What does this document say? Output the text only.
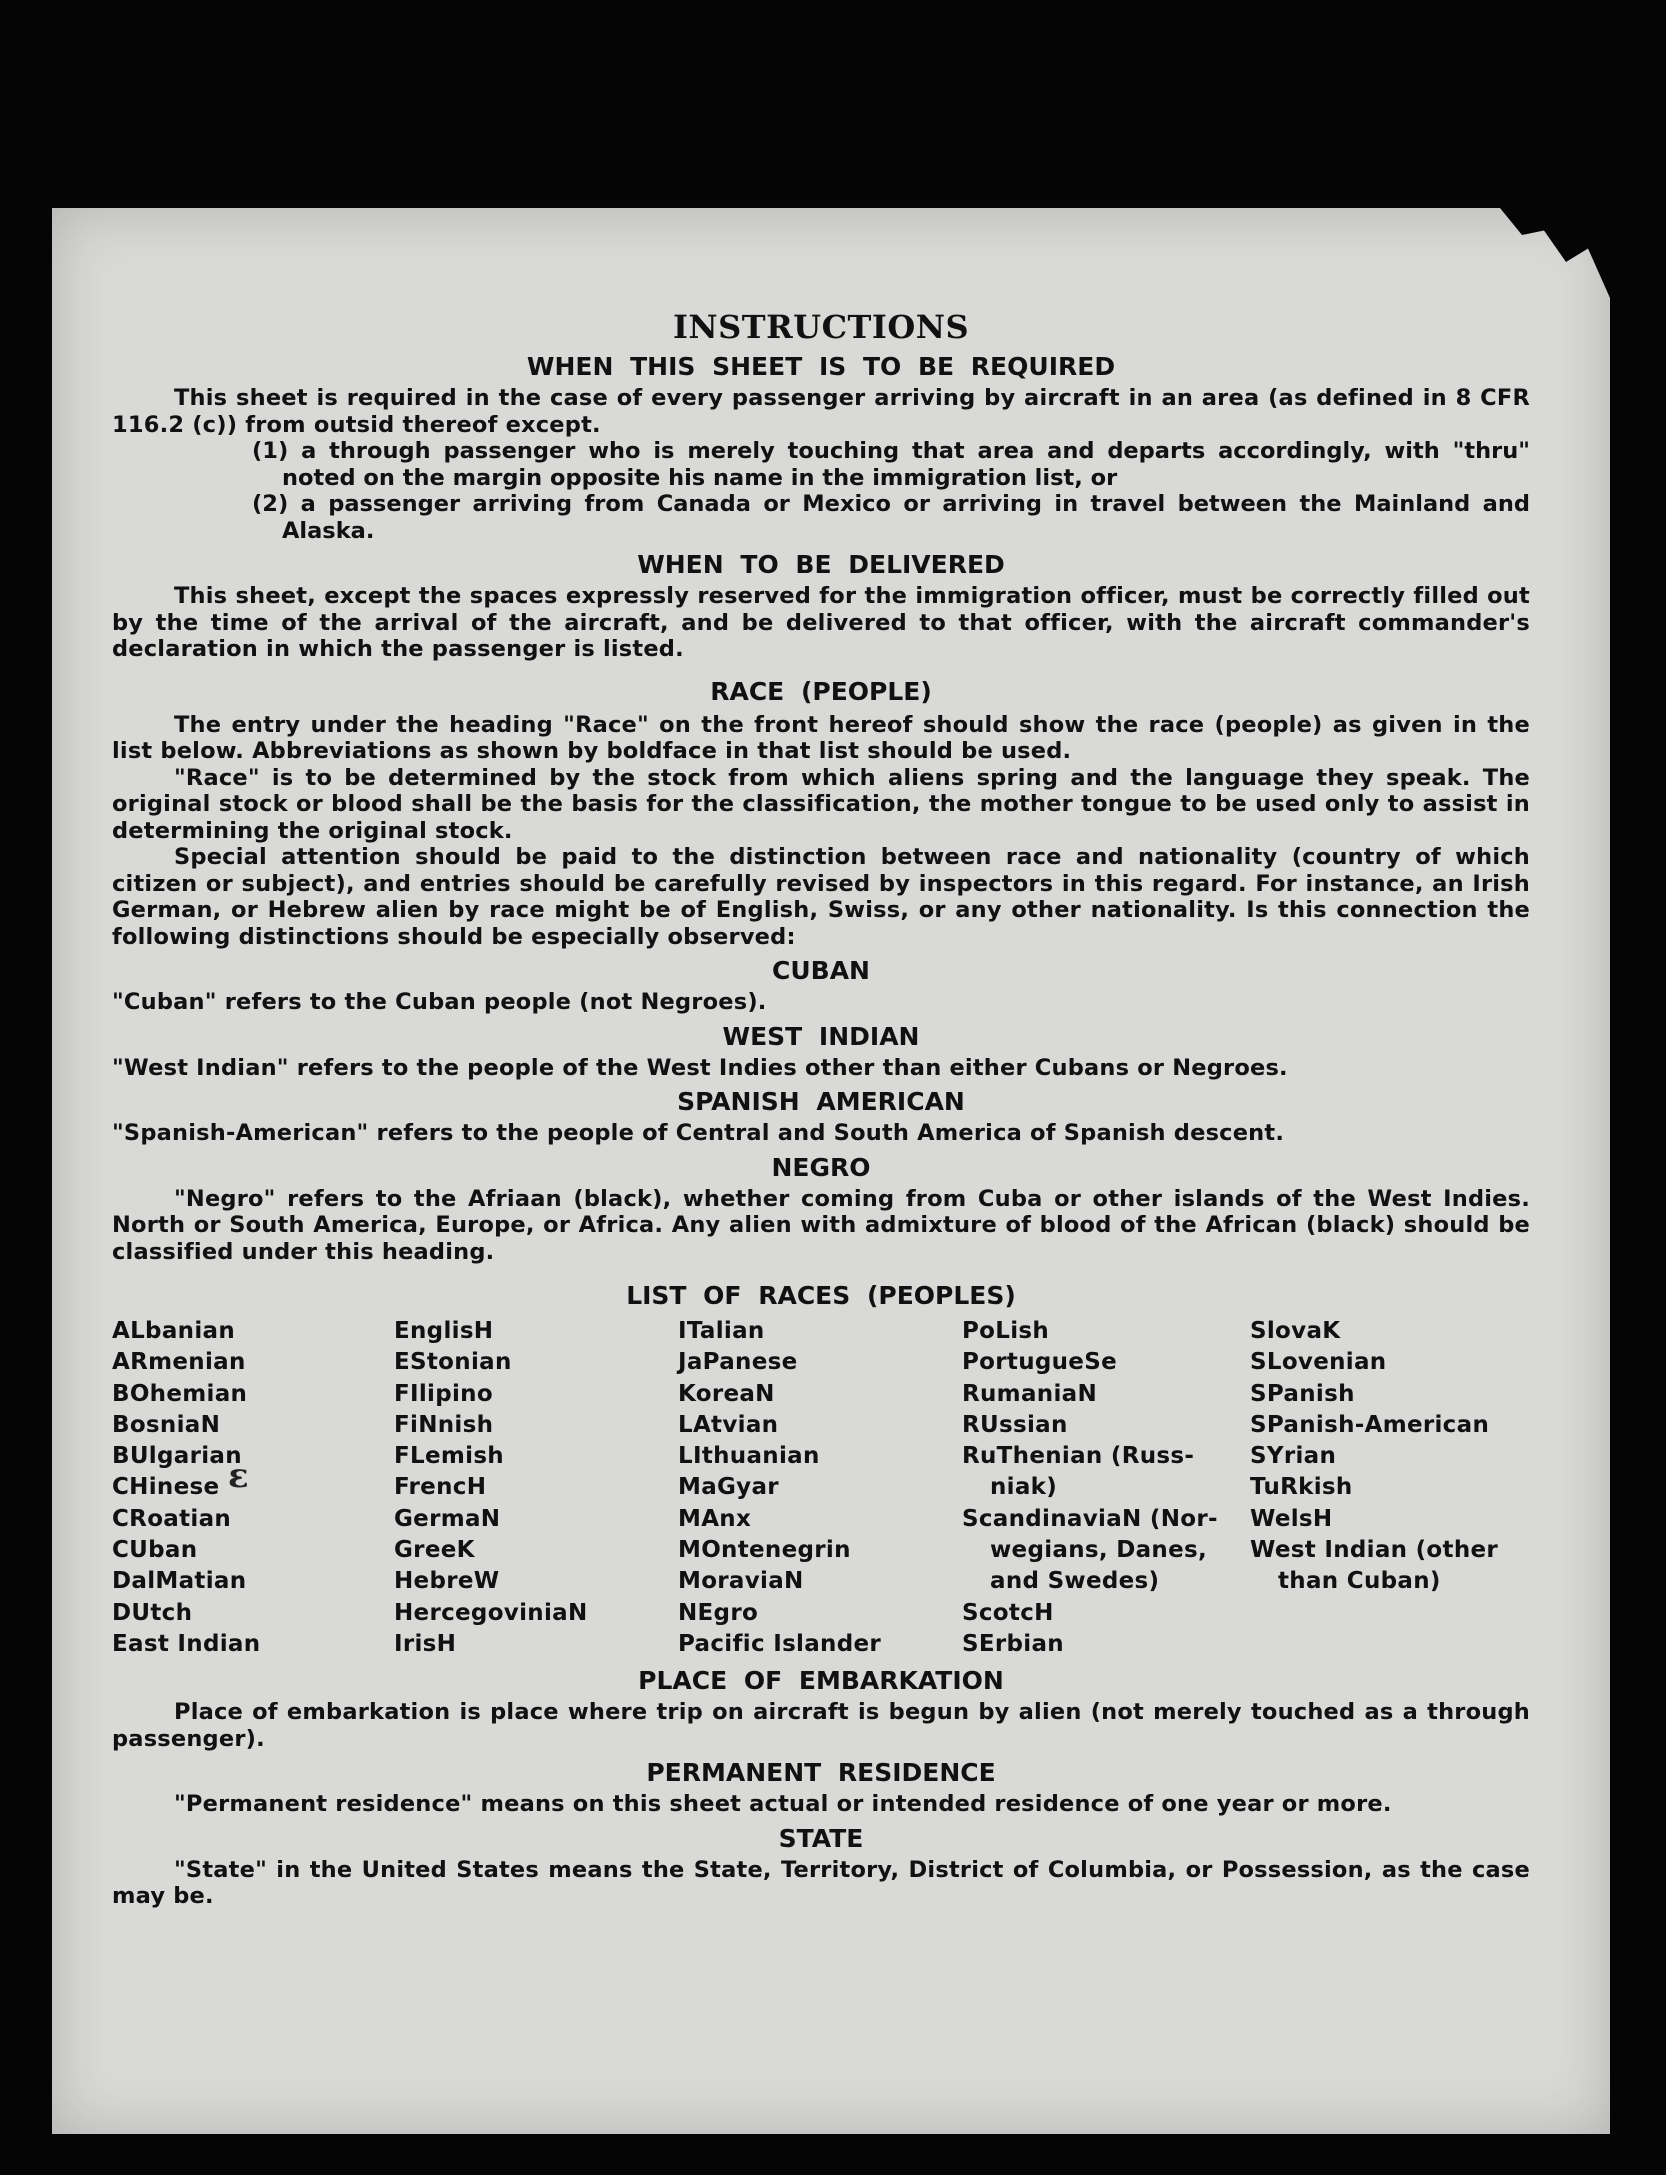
INSTRUCTIONS
WHEN THIS SHEET IS TO BE REQUIRED

This sheet is required in the case of every passenger arriving by aircraft in an area (as defined in 8 CFR 116.2 (c)) from outsid thereof except.

(1) a through passenger who is merely touching that area and departs accordingly, with "thru" noted on the margin opposite his name in the immigration list, or
(2) a passenger arriving from Canada or Mexico or arriving in travel between the Mainland and Alaska.
WHEN TO BE DELIVERED

This sheet, except the spaces expressly reserved for the immigration officer, must be correctly filled out by the time of the arrival of the aircraft, and be delivered to that officer, with the aircraft commander's declaration in which the passenger is listed.

RACE (PEOPLE)

The entry under the heading "Race" on the front hereof should show the race (people) as given in the list below. Abbreviations as shown by boldface in that list should be used.

"Race" is to be determined by the stock from which aliens spring and the language they speak. The original stock or blood shall be the basis for the classification, the mother tongue to be used only to assist in determining the original stock.

Special attention should be paid to the distinction between race and nationality (country of which citizen or subject), and entries should be carefully revised by inspectors in this regard. For instance, an Irish German, or Hebrew alien by race might be of English, Swiss, or any other nationality. Is this connection the following distinctions should be especially observed:

CUBAN

"Cuban" refers to the Cuban people (not Negroes).

WEST INDIAN

"West Indian" refers to the people of the West Indies other than either Cubans or Negroes.

SPANISH AMERICAN

"Spanish-American" refers to the people of Central and South America of Spanish descent.

NEGRO

"Negro" refers to the Afriaan (black), whether coming from Cuba or other islands of the West Indies. North or South America, Europe, or Africa. Any alien with admixture of blood of the African (black) should be classified under this heading.

LIST OF RACES (PEOPLES)
ALbanian
ARmenian
BOhemian
BosniaN
BUlgarian
CHinese
CRoatian
CUban
DalMatian
DUtch
East Indian
EnglisH
EStonian
FIlipino
FiNnish
FLemish
FrencH
GermaN
GreeK
HebreW
HercegoviniaN
IrisH
ITalian
JaPanese
KoreaN
LAtvian
LIthuanian
MaGyar
MAnx
MOntenegrin
MoraviaN
NEgro
Pacific Islander
PoLish
PortugueSe
RumaniaN
RUssian
RuThenian (Russ-
niak)
ScandinaviaN (Nor-
wegians, Danes,
and Swedes)
ScotcH
SErbian
SlovaK
SLovenian
SPanish
SPanish-American
SYrian
TuRkish
WelsH
West Indian (other
than Cuban)
PLACE OF EMBARKATION

Place of embarkation is place where trip on aircraft is begun by alien (not merely touched as a through passenger).

PERMANENT RESIDENCE

"Permanent residence" means on this sheet actual or intended residence of one year or more.

STATE

"State" in the United States means the State, Territory, District of Columbia, or Possession, as the case may be.

ɛ
